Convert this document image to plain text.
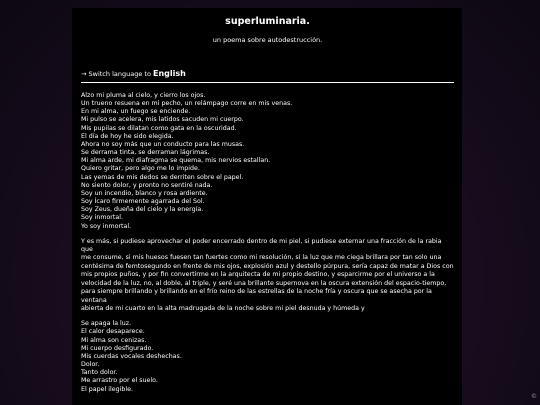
superluminaria.
un poema sobre autodestrucción.
→ Switch language to English
Alzo mi pluma al cielo, y cierro los ojos.
Un trueno resuena en mi pecho, un relámpago corre en mis venas.
En mi alma, un fuego se enciende.
Mi pulso se acelera, mis latidos sacuden mi cuerpo.
Mis pupilas se dilatan como gata en la oscuridad.
El día de hoy he sido elegida.
Ahora no soy más que un conducto para las musas.
Se derrama tinta, se derraman lágrimas.
Mi alma arde, mi diafragma se quema, mis nervios estallan.
Quiero gritar, pero algo me lo impide.
Las yemas de mis dedos se derriten sobre el papel.
No siento dolor, y pronto no sentiré nada.
Soy un incendio, blanco y rosa ardiente.
Soy Ícaro firmemente agarrada del Sol.
Soy Zeus, dueña del cielo y la energía.
Soy inmortal.
Yo soy inmortal.
Y es más, si pudiese aprovechar el poder encerrado dentro de mi piel, si pudiese externar una fracción de la rabia que
me consume, si mis huesos fuesen tan fuertes como mi resolución, si la luz que me ciega brillara por tan solo una
centésima de femtosegundo en frente de mis ojos, explosión azul y destello púrpura, sería capaz de matar a Dios con
mis propios puños, y por fin convertirme en la arquitecta de mi propio destino, y esparcirme por el universo a la
velocidad de la luz, no, al doble, al triple, y seré una brillante supernova en la oscura extensión del espacio-tiempo,
para siempre brillando y brillando en el frío reino de las estrellas de la noche fría y oscura que se asecha por la ventana
abierta de mi cuarto en la alta madrugada de la noche sobre mi piel desnuda y húmeda y
Se apaga la luz.
El calor desaparece.
Mi alma son cenizas.
Mi cuerpo desfigurado.
Mis cuerdas vocales deshechas.
Dolor.
Tanto dolor.
Me arrastro por el suelo.
El papel ilegible.
©
